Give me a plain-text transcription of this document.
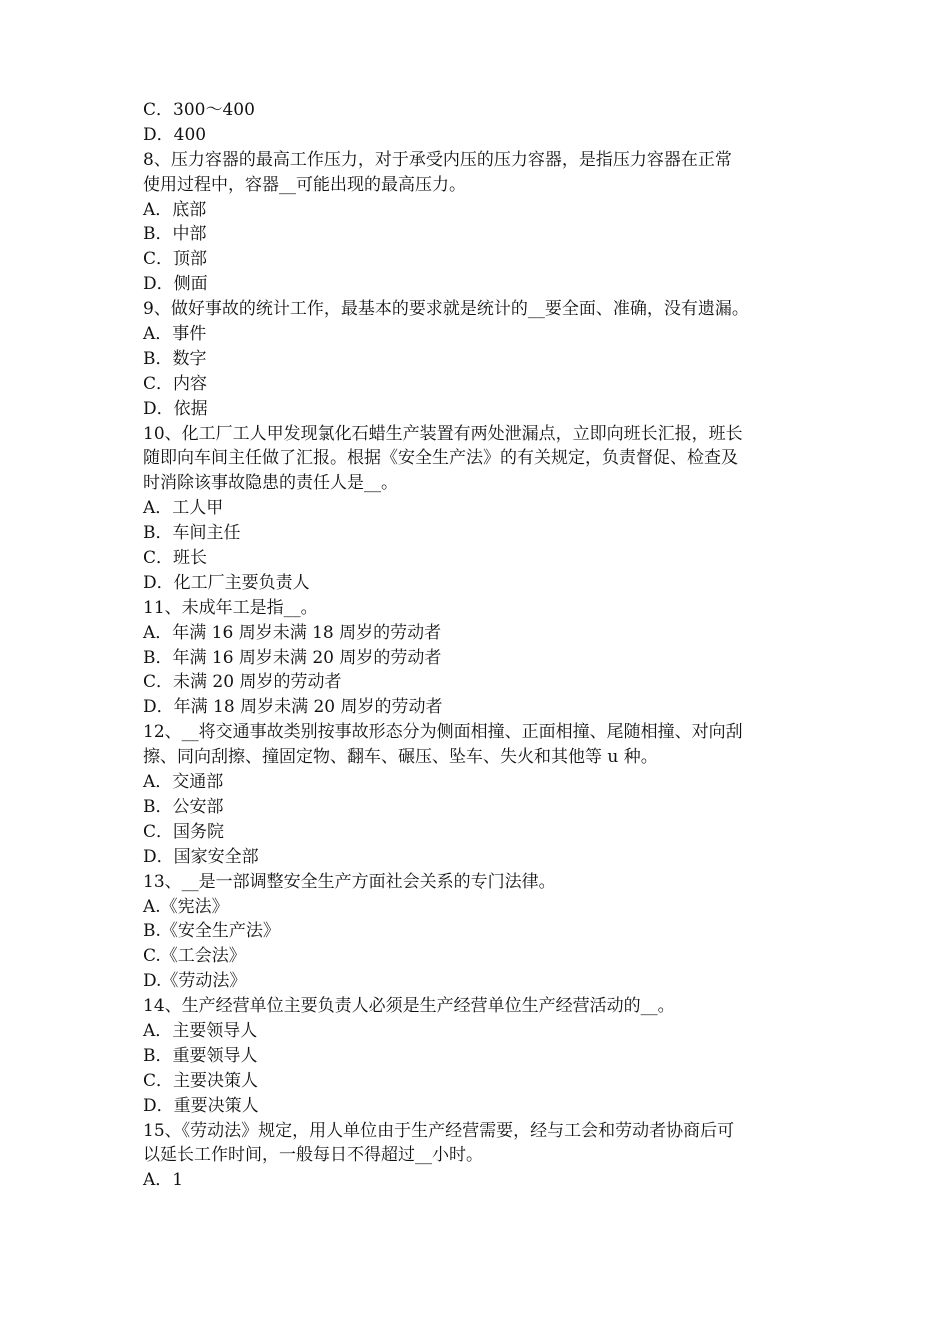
C．300～400
D．400
8、压力容器的最高工作压力，对于承受内压的压力容器，是指压力容器在正常
使用过程中，容器__可能出现的最高压力。
A．底部
B．中部
C．顶部
D．侧面
9、做好事故的统计工作，最基本的要求就是统计的__要全面、准确，没有遗漏。
A．事件
B．数字
C．内容
D．依据
10、化工厂工人甲发现氯化石蜡生产装置有两处泄漏点，立即向班长汇报，班长
随即向车间主任做了汇报。根据《安全生产法》的有关规定，负责督促、检查及
时消除该事故隐患的责任人是__。
A．工人甲
B．车间主任
C．班长
D．化工厂主要负责人
11、未成年工是指__。
A．年满 16 周岁未满 18 周岁的劳动者
B．年满 16 周岁未满 20 周岁的劳动者
C．未满 20 周岁的劳动者
D．年满 18 周岁未满 20 周岁的劳动者
12、__将交通事故类别按事故形态分为侧面相撞、正面相撞、尾随相撞、对向刮
擦、同向刮擦、撞固定物、翻车、碾压、坠车、失火和其他等 u 种。
A．交通部
B．公安部
C．国务院
D．国家安全部
13、__是一部调整安全生产方面社会关系的专门法律。
A.《宪法》
B.《安全生产法》
C.《工会法》
D.《劳动法》
14、生产经营单位主要负责人必须是生产经营单位生产经营活动的__。
A．主要领导人
B．重要领导人
C．主要决策人
D．重要决策人
15、《劳动法》规定，用人单位由于生产经营需要，经与工会和劳动者协商后可
以延长工作时间，一般每日不得超过__小时。
A．1
